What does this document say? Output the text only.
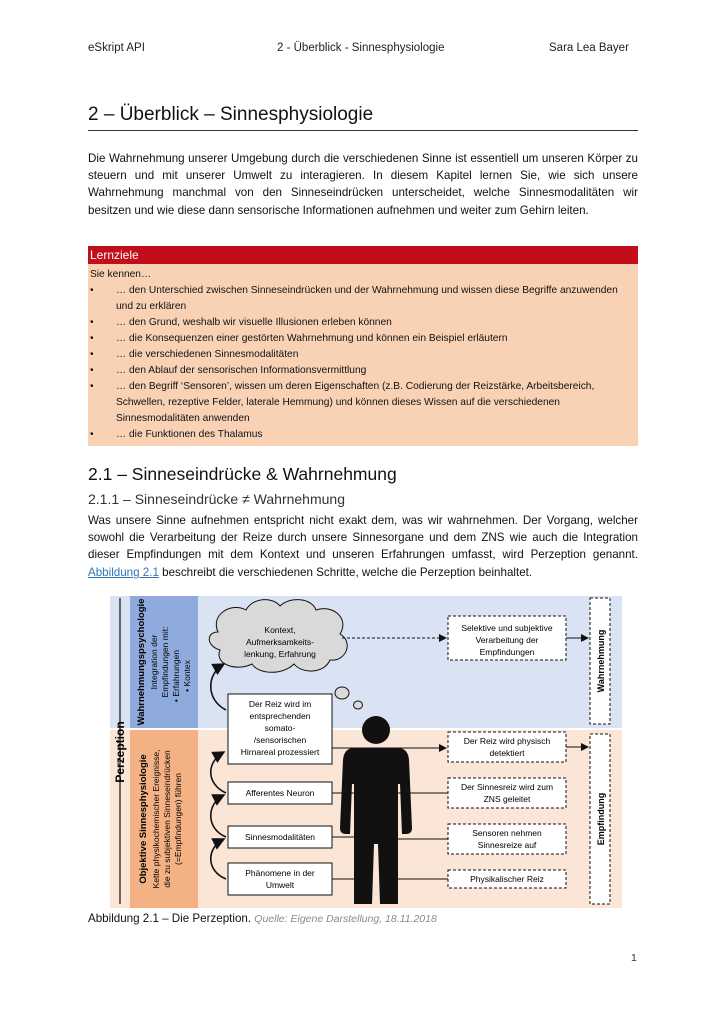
eSkript API	2 - Überblick - Sinnesphysiologie	Sara Lea Bayer
2 – Überblick – Sinnesphysiologie
Die Wahrnehmung unserer Umgebung durch die verschiedenen Sinne ist essentiell um unseren Körper zu steuern und mit unserer Umwelt zu interagieren. In diesem Kapitel lernen Sie, wie sich unsere Wahrnehmung manchmal von den Sinneseindrücken unterscheidet, welche Sinnesmodalitäten wir besitzen und wie diese dann sensorische Informationen aufnehmen und weiter zum Gehirn leiten.
Lernziele
Sie kennen…
• … den Unterschied zwischen Sinneseindrücken und der Wahrnehmung und wissen diese Begriffe anzuwenden und zu erklären
• … den Grund, weshalb wir visuelle Illusionen erleben können
• … die Konsequenzen einer gestörten Wahrnehmung und können ein Beispiel erläutern
• … die verschiedenen Sinnesmodalitäten
• … den Ablauf der sensorischen Informationsvermittlung
• … den Begriff ‘Sensoren’, wissen um deren Eigenschaften (z.B. Codierung der Reizstärke, Arbeitsbereich, Schwellen, rezeptive Felder, laterale Hemmung) und können dieses Wissen auf die verschiedenen Sinnesmodalitäten anwenden
• … die Funktionen des Thalamus
2.1 – Sinneseindrücke & Wahrnehmung
2.1.1 – Sinneseindrücke ≠ Wahrnehmung
Was unsere Sinne aufnehmen entspricht nicht exakt dem, was wir wahrnehmen. Der Vorgang, welcher sowohl die Verarbeitung der Reize durch unsere Sinnesorgane und dem ZNS wie auch die Integration dieser Empfindungen mit dem Kontext und unseren Erfahrungen umfasst, wird Perzeption genannt. Abbildung 2.1 beschreibt die verschiedenen Schritte, welche die Perzeption beinhaltet.
Perzeption
Wahrnehmungspsychologie Integration der Empfindungen mit:
• Erfahrungen • Kontex
Objektive Sinnesphysiologie Kette physikochemischer Ereignisse, die zu subjektiven Sinneseindrücken (=Empfindungen) führen
Kontext,
Aufmerksamkeits-
lenkung, Erfahrung
Der Reiz wird im
entsprechenden
somato-
/sensorischen
Hirnareal prozessiert
Afferentes Neuron
Sinnesmodalitäten
Phänomene in der
Umwelt
Selektive und subjektive
Verarbeitung der
Empfindungen
Der Reiz wird physisch
detektiert
Der Sinnesreiz wird zum
ZNS geleitet
Sensoren nehmen
Sinnesreize auf
Physikalischer Reiz
Wahrnehmung
Empfindung
Abbildung 2.1 – Die Perzeption. Quelle: Eigene Darstellung, 18.11.2018
1
